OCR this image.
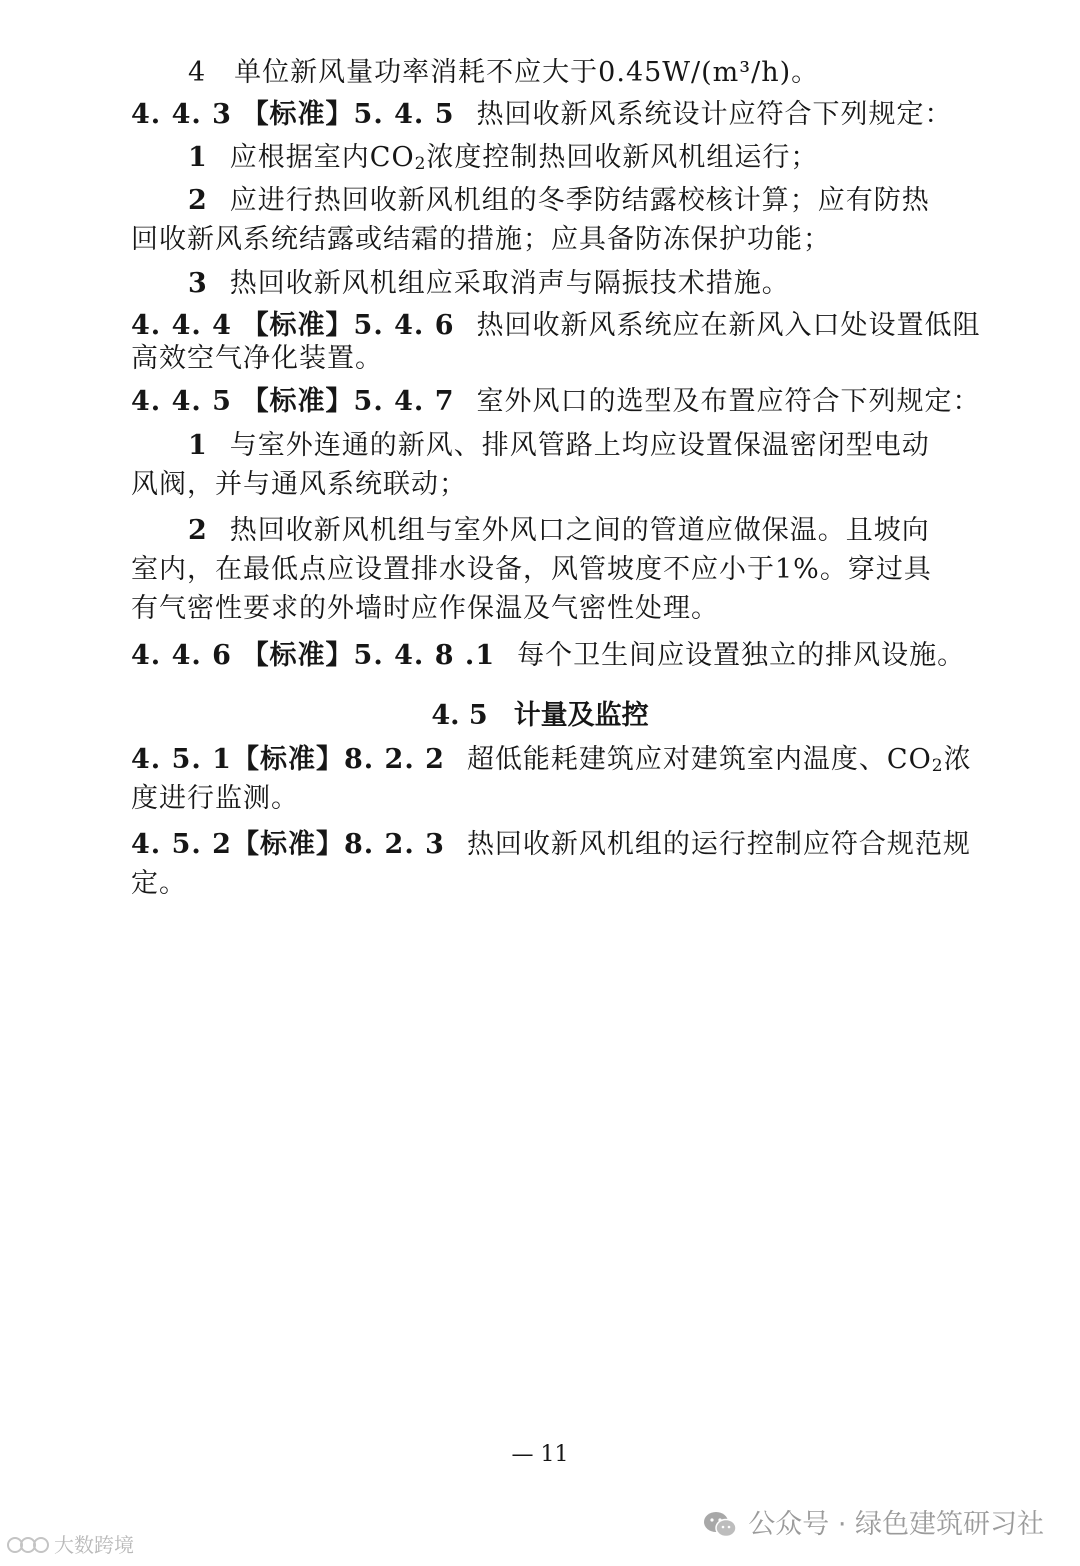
4　单位新风量功率消耗不应大于0.45W/(m³/h)。
4. 4. 3 【标准】5. 4. 5 热回收新风系统设计应符合下列规定：
1 应根据室内$CO_2$浓度控制热回收新风机组运行；
2 应进行热回收新风机组的冬季防结露校核计算；应有防热
回收新风系统结露或结霜的措施；应具备防冻保护功能；
3 热回收新风机组应采取消声与隔振技术措施。
4. 4. 4 【标准】5. 4. 6 热回收新风系统应在新风入口处设置低阻
高效空气净化装置。
4. 4. 5 【标准】5. 4. 7 室外风口的选型及布置应符合下列规定：
1 与室外连通的新风、排风管路上均应设置保温密闭型电动
风阀，并与通风系统联动；
2 热回收新风机组与室外风口之间的管道应做保温。且坡向
室内，在最低点应设置排水设备，风管坡度不应小于1%。穿过具
有气密性要求的外墙时应作保温及气密性处理。
4. 4. 6 【标准】5. 4. 8 .1 每个卫生间应设置独立的排风设施。
4. 5 计量及监控
4. 5. 1【标准】8. 2. 2 超低能耗建筑应对建筑室内温度、$CO_2$浓
度进行监测。
4. 5. 2【标准】8. 2. 3 热回收新风机组的运行控制应符合规范规
定。
— 11
公众号 · 绿色建筑研习社
大数跨境
